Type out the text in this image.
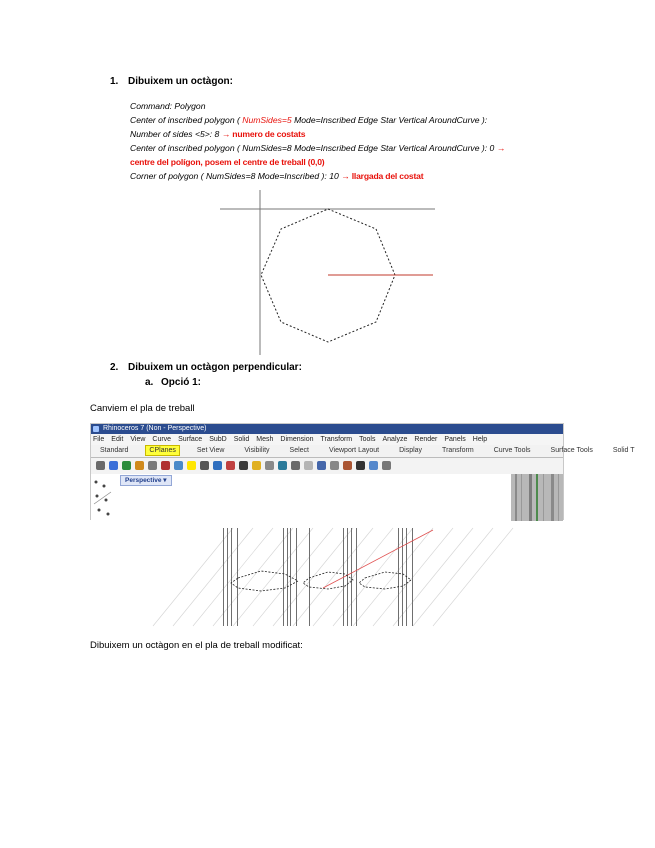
1. Dibuixem un octàgon:
Command: Polygon
Center of inscribed polygon ( NumSides=5 Mode=Inscribed Edge Star Vertical AroundCurve ):
Number of sides <5>: 8 → numero de costats
Center of inscribed polygon ( NumSides=8 Mode=Inscribed Edge Star Vertical AroundCurve ): 0 →
centre del polígon, posem el centre de treball (0,0)
Corner of polygon ( NumSides=8 Mode=Inscribed ): 10 → llargada del costat
2. Dibuixem un octàgon perpendicular:
a. Opció 1:
Canviem el pla de treball
Rhinoceros 7 (Non - Perspective)
File Edit View Curve Surface SubD Solid Mesh Dimension Transform Tools Analyze Render Panels Help
Standard	CPlanes	Set View	Visibility	Select	Viewport Layout	Display	Transform	Curve Tools	Surface Tools	Solid T
Perspective ▾
Dibuixem un octàgon en el pla de treball modificat:
